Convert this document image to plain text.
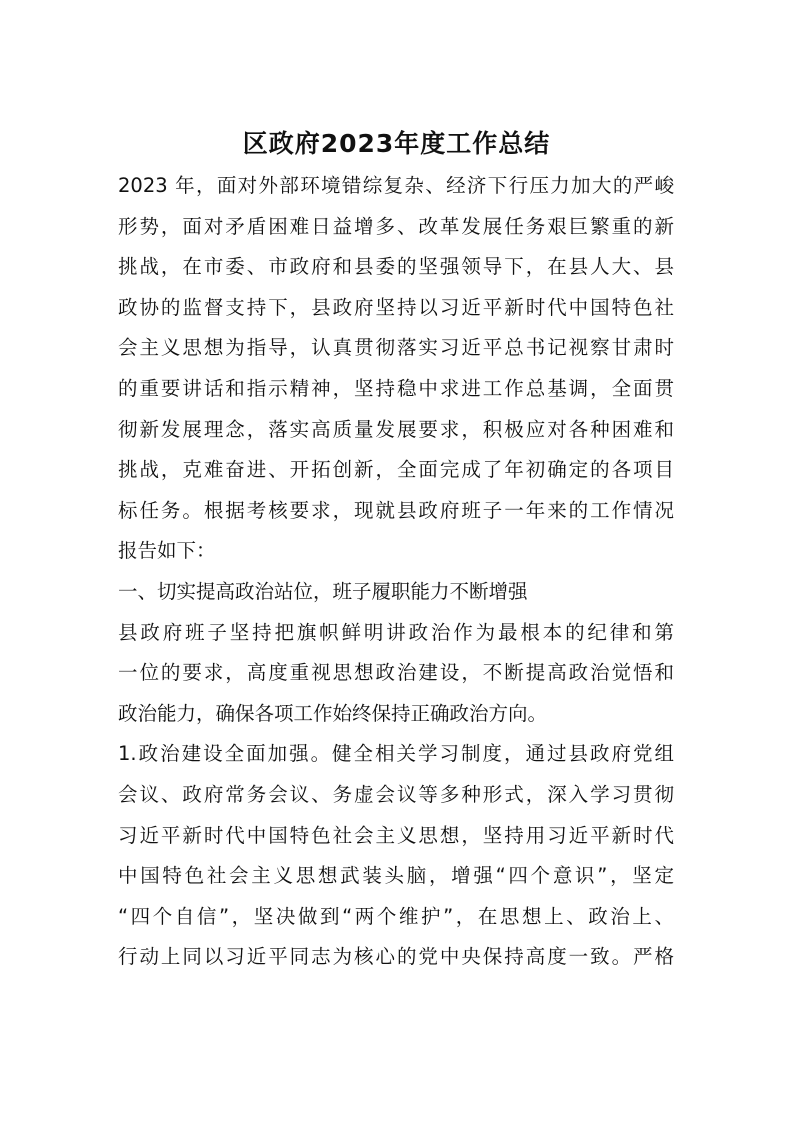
区政府2023年度工作总结
2023 年，面对外部环境错综复杂、经济下行压力加大的严峻
形势，面对矛盾困难日益增多、改革发展任务艰巨繁重的新
挑战，在市委、市政府和县委的坚强领导下，在县人大、县
政协的监督支持下，县政府坚持以习近平新时代中国特色社
会主义思想为指导，认真贯彻落实习近平总书记视察甘肃时
的重要讲话和指示精神，坚持稳中求进工作总基调，全面贯
彻新发展理念，落实高质量发展要求，积极应对各种困难和
挑战，克难奋进、开拓创新，全面完成了年初确定的各项目
标任务。根据考核要求，现就县政府班子一年来的工作情况
报告如下：
一、切实提高政治站位，班子履职能力不断增强
县政府班子坚持把旗帜鲜明讲政治作为最根本的纪律和第
一位的要求，高度重视思想政治建设，不断提高政治觉悟和
政治能力，确保各项工作始终保持正确政治方向。
1.政治建设全面加强。健全相关学习制度，通过县政府党组
会议、政府常务会议、务虚会议等多种形式，深入学习贯彻
习近平新时代中国特色社会主义思想，坚持用习近平新时代
中国特色社会主义思想武装头脑，增强“四个意识”，坚定
“四个自信”，坚决做到“两个维护”，在思想上、政治上、
行动上同以习近平同志为核心的党中央保持高度一致。严格
